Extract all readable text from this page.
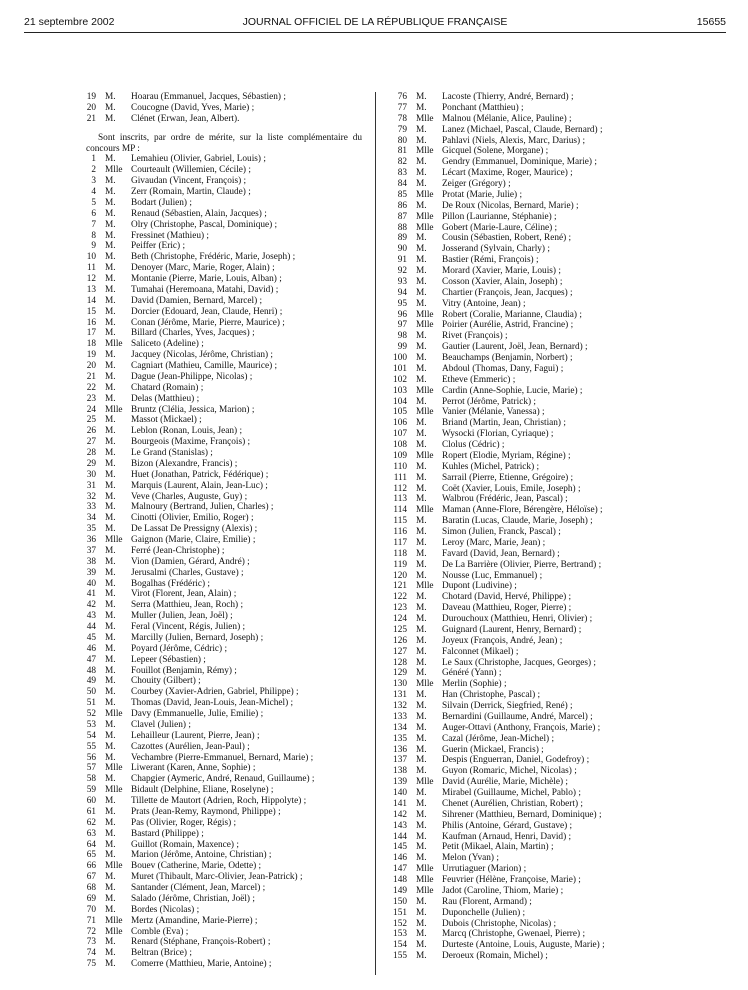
21 septembre 2002	JOURNAL OFFICIEL DE LA RÉPUBLIQUE FRANÇAISE	15655
19 M.	Hoarau (Emmanuel, Jacques, Sébastien) ;
20 M.	Coucogne (David, Yves, Marie) ;
21 M.	Clénet (Erwan, Jean, Albert).
Sont inscrits, par ordre de mérite, sur la liste complémentaire du concours MP :
1 M.	Lemahieu (Olivier, Gabriel, Louis) ;
2 Mlle Courteault (Willemien, Cécile) ;
3 M.	Givaudan (Vincent, François) ;
4 M.	Zerr (Romain, Martin, Claude) ;
5 M.	Bodart (Julien) ;
6 M.	Renaud (Sébastien, Alain, Jacques) ;
7 M.	Olry (Christophe, Pascal, Dominique) ;
8 M.	Fressinet (Mathieu) ;
9 M.	Peiffer (Eric) ;
10 M.	Beth (Christophe, Frédéric, Marie, Joseph) ;
11 M.	Denoyer (Marc, Marie, Roger, Alain) ;
12 M.	Montanie (Pierre, Marie, Louis, Alban) ;
13 M.	Tumahai (Heremoana, Matahi, David) ;
14 M.	David (Damien, Bernard, Marcel) ;
15 M.	Dorcier (Edouard, Jean, Claude, Henri) ;
16 M.	Conan (Jérôme, Marie, Pierre, Maurice) ;
17 M.	Billard (Charles, Yves, Jacques) ;
18 Mlle Saliceto (Adeline) ;
19 M.	Jacquey (Nicolas, Jérôme, Christian) ;
20 M.	Cagniart (Mathieu, Camille, Maurice) ;
21 M.	Dague (Jean-Philippe, Nicolas) ;
22 M.	Chatard (Romain) ;
23 M.	Delas (Matthieu) ;
24 Mlle Bruntz (Clélia, Jessica, Marion) ;
25 M.	Massot (Mickael) ;
26 M.	Leblon (Ronan, Louis, Jean) ;
27 M.	Bourgeois (Maxime, François) ;
28 M.	Le Grand (Stanislas) ;
29 M.	Bizon (Alexandre, Francis) ;
30 M.	Huet (Jonathan, Patrick, Fédérique) ;
31 M.	Marquis (Laurent, Alain, Jean-Luc) ;
32 M.	Veve (Charles, Auguste, Guy) ;
33 M.	Malnoury (Bertrand, Julien, Charles) ;
34 M.	Cinotti (Olivier, Emilio, Roger) ;
35 M.	De Lassat De Pressigny (Alexis) ;
36 Mlle Gaignon (Marie, Claire, Emilie) ;
37 M.	Ferré (Jean-Christophe) ;
38 M.	Vion (Damien, Gérard, André) ;
39 M.	Jerusalmi (Charles, Gustave) ;
40 M.	Bogalhas (Frédéric) ;
41 M.	Virot (Florent, Jean, Alain) ;
42 M.	Serra (Matthieu, Jean, Roch) ;
43 M.	Muller (Julien, Jean, Joël) ;
44 M.	Feral (Vincent, Régis, Julien) ;
45 M.	Marcilly (Julien, Bernard, Joseph) ;
46 M.	Poyard (Jérôme, Cédric) ;
47 M.	Lepeer (Sébastien) ;
48 M.	Fouillot (Benjamin, Rémy) ;
49 M.	Chouity (Gilbert) ;
50 M.	Courbey (Xavier-Adrien, Gabriel, Philippe) ;
51 M.	Thomas (David, Jean-Louis, Jean-Michel) ;
52 Mlle Davy (Emmanuelle, Julie, Emilie) ;
53 M.	Clavel (Julien) ;
54 M.	Lehailleur (Laurent, Pierre, Jean) ;
55 M.	Cazottes (Aurélien, Jean-Paul) ;
56 M.	Vechambre (Pierre-Emmanuel, Bernard, Marie) ;
57 Mlle Liwerant (Karen, Anne, Sophie) ;
58 M.	Chapgier (Aymeric, André, Renaud, Guillaume) ;
59 Mlle Bidault (Delphine, Eliane, Roselyne) ;
60 M.	Tillette de Mautort (Adrien, Roch, Hippolyte) ;
61 M.	Prats (Jean-Remy, Raymond, Philippe) ;
62 M.	Pas (Olivier, Roger, Régis) ;
63 M.	Bastard (Philippe) ;
64 M.	Guillot (Romain, Maxence) ;
65 M.	Marion (Jérôme, Antoine, Christian) ;
66 Mlle Bouev (Catherine, Marie, Odette) ;
67 M.	Muret (Thibault, Marc-Olivier, Jean-Patrick) ;
68 M.	Santander (Clément, Jean, Marcel) ;
69 M.	Salado (Jérôme, Christian, Joël) ;
70 M.	Bordes (Nicolas) ;
71 Mlle Mertz (Amandine, Marie-Pierre) ;
72 Mlle Comble (Eva) ;
73 M.	Renard (Stéphane, François-Robert) ;
74 M.	Beltran (Brice) ;
75 M.	Comerre (Matthieu, Marie, Antoine) ;
76 M.	Lacoste (Thierry, André, Bernard) ;
77 M.	Ponchant (Matthieu) ;
78 Mlle Malnou (Mélanie, Alice, Pauline) ;
79 M.	Lanez (Michael, Pascal, Claude, Bernard) ;
80 M.	Pahlavi (Niels, Alexis, Marc, Darius) ;
81 Mlle Gicquel (Solene, Morgane) ;
82 M.	Gendry (Emmanuel, Dominique, Marie) ;
83 M.	Lécart (Maxime, Roger, Maurice) ;
84 M.	Zeiger (Grégory) ;
85 Mlle Protat (Marie, Julie) ;
86 M.	De Roux (Nicolas, Bernard, Marie) ;
87 Mlle Pillon (Laurianne, Stéphanie) ;
88 Mlle Gobert (Marie-Laure, Céline) ;
89 M.	Cousin (Sébastien, Robert, René) ;
90 M.	Josserand (Sylvain, Charly) ;
91 M.	Bastier (Rémi, François) ;
92 M.	Morard (Xavier, Marie, Louis) ;
93 M.	Cosson (Xavier, Alain, Joseph) ;
94 M.	Chartier (François, Jean, Jacques) ;
95 M.	Vitry (Antoine, Jean) ;
96 Mlle Robert (Coralie, Marianne, Claudia) ;
97 Mlle Poirier (Aurélie, Astrid, Francine) ;
98 M.	Rivet (François) ;
99 M.	Gautier (Laurent, Joël, Jean, Bernard) ;
100 M.	Beauchamps (Benjamin, Norbert) ;
101 M.	Abdoul (Thomas, Dany, Fagui) ;
102 M.	Etheve (Emmeric) ;
103 Mlle Cardin (Anne-Sophie, Lucie, Marie) ;
104 M.	Perrot (Jérôme, Patrick) ;
105 Mlle Vanier (Mélanie, Vanessa) ;
106 M.	Briand (Martin, Jean, Christian) ;
107 M.	Wysocki (Florian, Cyriaque) ;
108 M.	Clolus (Cédric) ;
109 Mlle Ropert (Elodie, Myriam, Régine) ;
110 M.	Kuhles (Michel, Patrick) ;
111 M.	Sarrail (Pierre, Etienne, Grégoire) ;
112 M.	Coët (Xavier, Louis, Emile, Joseph) ;
113 M.	Walbrou (Frédéric, Jean, Pascal) ;
114 Mlle Maman (Anne-Flore, Bérengère, Héloïse) ;
115 M.	Baratin (Lucas, Claude, Marie, Joseph) ;
116 M.	Simon (Julien, Franck, Pascal) ;
117 M.	Leroy (Marc, Marie, Jean) ;
118 M.	Favard (David, Jean, Bernard) ;
119 M.	De La Barrière (Olivier, Pierre, Bertrand) ;
120 M.	Nousse (Luc, Emmanuel) ;
121 Mlle Dupont (Ludivine) ;
122 M.	Chotard (David, Hervé, Philippe) ;
123 M.	Daveau (Matthieu, Roger, Pierre) ;
124 M.	Durouchoux (Matthieu, Henri, Olivier) ;
125 M.	Guignard (Laurent, Henry, Bernard) ;
126 M.	Joyeux (François, André, Jean) ;
127 M.	Falconnet (Mikael) ;
128 M.	Le Saux (Christophe, Jacques, Georges) ;
129 M.	Généré (Yann) ;
130 Mlle Merlin (Sophie) ;
131 M.	Han (Christophe, Pascal) ;
132 M.	Silvain (Derrick, Siegfried, René) ;
133 M.	Bernardini (Guillaume, André, Marcel) ;
134 M.	Auger-Ottavi (Anthony, François, Marie) ;
135 M.	Cazal (Jérôme, Jean-Michel) ;
136 M.	Guerin (Mickael, Francis) ;
137 M.	Despis (Enguerran, Daniel, Godefroy) ;
138 M.	Guyon (Romaric, Michel, Nicolas) ;
139 Mlle David (Aurélie, Marie, Michèle) ;
140 M.	Mirabel (Guillaume, Michel, Pablo) ;
141 M.	Chenet (Aurélien, Christian, Robert) ;
142 M.	Sihrener (Matthieu, Bernard, Dominique) ;
143 M.	Philis (Antoine, Gérard, Gustave) ;
144 M.	Kaufman (Arnaud, Henri, David) ;
145 M.	Petit (Mikael, Alain, Martin) ;
146 M.	Melon (Yvan) ;
147 Mlle Urrutiaguer (Marion) ;
148 Mlle Feuvrier (Hélène, Françoise, Marie) ;
149 Mlle Jadot (Caroline, Thiom, Marie) ;
150 M.	Rau (Florent, Armand) ;
151 M.	Duponchelle (Julien) ;
152 M.	Dubois (Christophe, Nicolas) ;
153 M.	Marcq (Christophe, Gwenael, Pierre) ;
154 M.	Durteste (Antoine, Louis, Auguste, Marie) ;
155 M.	Deroeux (Romain, Michel) ;
